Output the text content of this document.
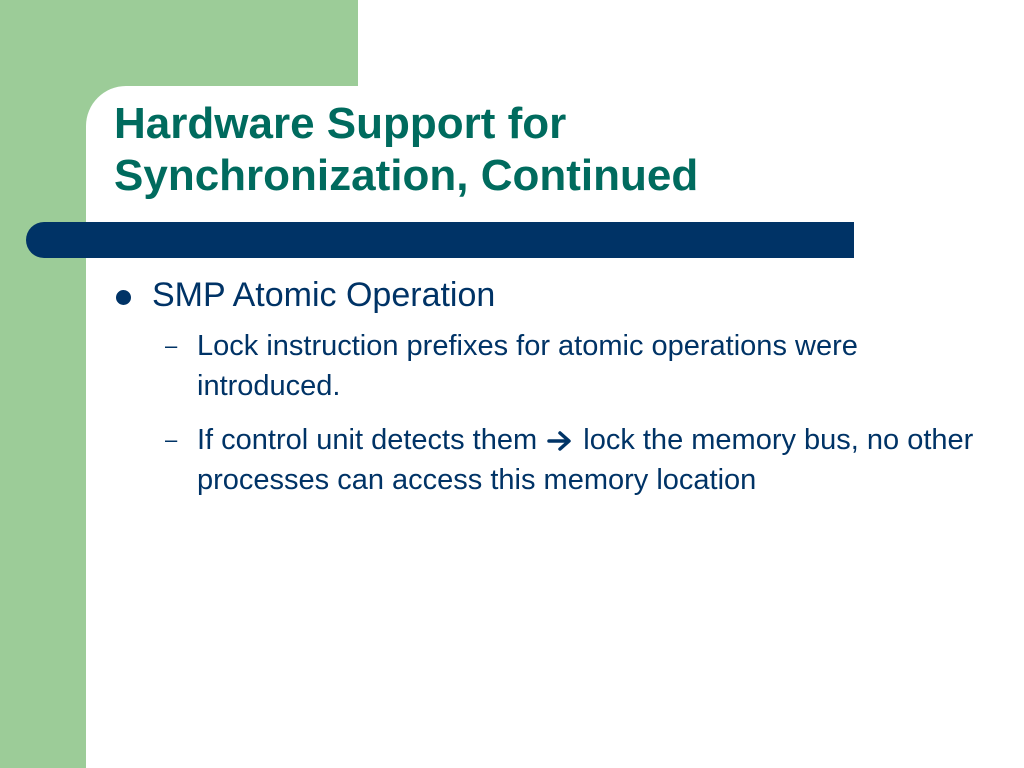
Hardware Support for
Synchronization, Continued
SMP Atomic Operation
– Lock instruction prefixes for atomic operations were introduced.
– If control unit detects them lock the memory bus, no other processes can access this memory location
